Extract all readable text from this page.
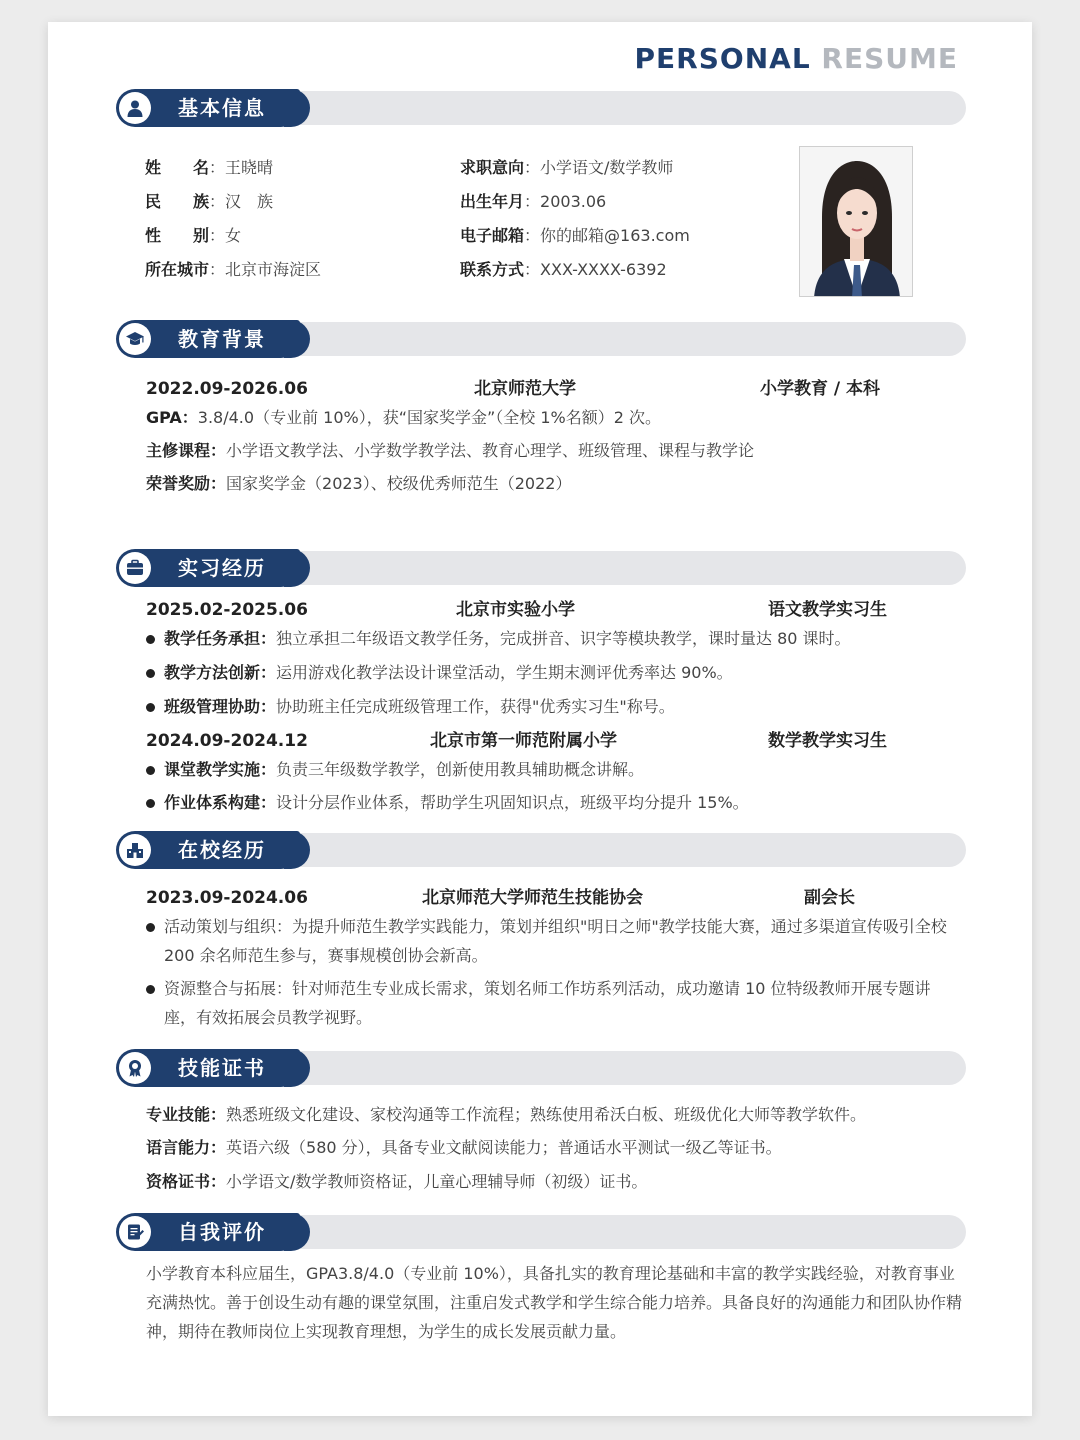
PERSONAL RESUME
基本信息
姓　　名：王晓晴
民　　族：汉　族
性　　别：女
所在城市：北京市海淀区
求职意向：小学语文/数学教师
出生年月：2003.06
电子邮箱：你的邮箱@163.com
联系方式：XXX-XXXX-6392
教育背景
2022.09-2026.06	北京师范大学	小学教育 / 本科
GPA：3.8/4.0（专业前 10%），获“国家奖学金”（全校 1%名额）2 次。
主修课程：小学语文教学法、小学数学教学法、教育心理学、班级管理、课程与教学论
荣誉奖励：国家奖学金（2023）、校级优秀师范生（2022）
实习经历
2025.02-2025.06	北京市实验小学	语文教学实习生
教学任务承担：独立承担二年级语文教学任务，完成拼音、识字等模块教学，课时量达 80 课时。
教学方法创新：运用游戏化教学法设计课堂活动，学生期末测评优秀率达 90%。
班级管理协助：协助班主任完成班级管理工作，获得"优秀实习生"称号。
2024.09-2024.12	北京市第一师范附属小学	数学教学实习生
课堂教学实施：负责三年级数学教学，创新使用教具辅助概念讲解。
作业体系构建：设计分层作业体系，帮助学生巩固知识点，班级平均分提升 15%。
在校经历
2023.09-2024.06	北京师范大学师范生技能协会	副会长
活动策划与组织：为提升师范生教学实践能力，策划并组织"明日之师"教学技能大赛，通过多渠道宣传吸引全校 200 余名师范生参与，赛事规模创协会新高。
资源整合与拓展：针对师范生专业成长需求，策划名师工作坊系列活动，成功邀请 10 位特级教师开展专题讲座，有效拓展会员教学视野。
技能证书
专业技能：熟悉班级文化建设、家校沟通等工作流程；熟练使用希沃白板、班级优化大师等教学软件。
语言能力：英语六级（580 分），具备专业文献阅读能力；普通话水平测试一级乙等证书。
资格证书：小学语文/数学教师资格证，儿童心理辅导师（初级）证书。
自我评价
小学教育本科应届生，GPA3.8/4.0（专业前 10%），具备扎实的教育理论基础和丰富的教学实践经验，对教育事业充满热忱。善于创设生动有趣的课堂氛围，注重启发式教学和学生综合能力培养。具备良好的沟通能力和团队协作精神，期待在教师岗位上实现教育理想，为学生的成长发展贡献力量。
